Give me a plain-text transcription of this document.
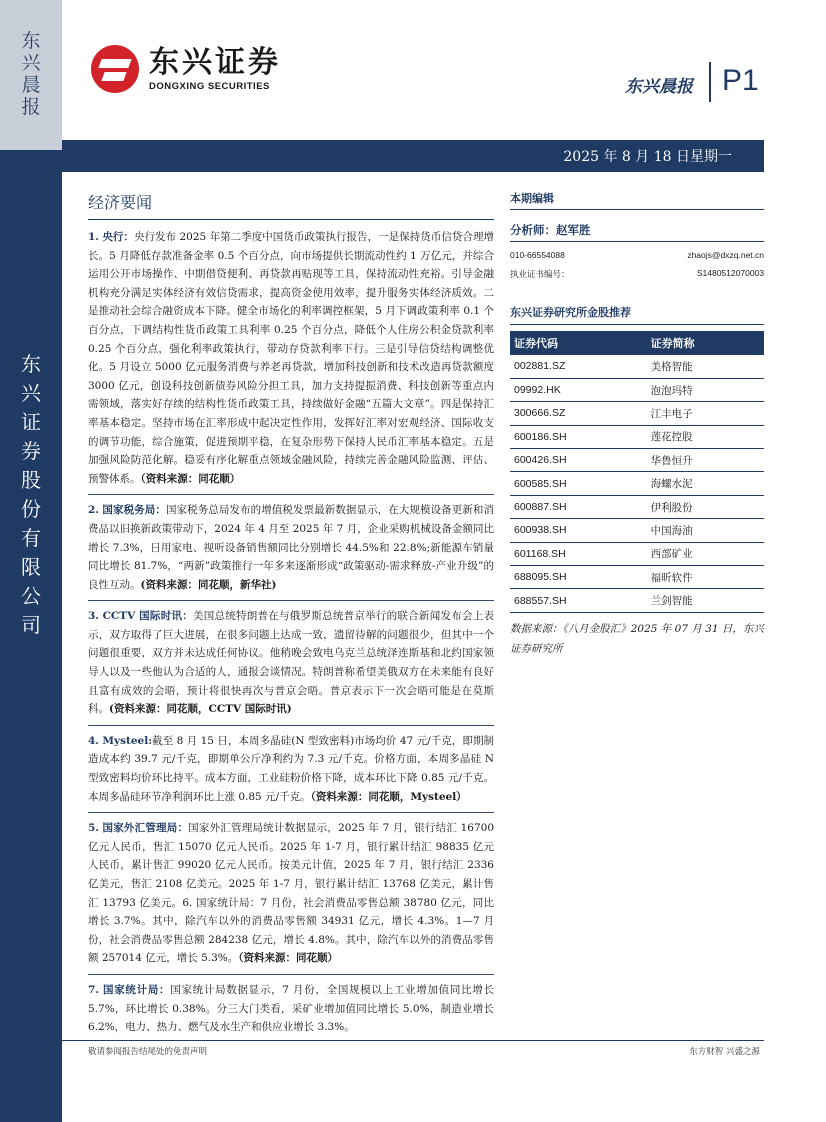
东兴晨报
东兴证券股份有限公司
东兴证券
DONGXING SECURITIES	东兴晨报 P1
2025 年 8 月 18 日星期一
经济要闻
1. 央行：央行发布 2025 年第二季度中国货币政策执行报告，一是保持货币信贷合理增长。5 月降低存款准备金率 0.5 个百分点，向市场提供长期流动性约 1 万亿元，并综合运用公开市场操作、中期借贷便利、再贷款再贴现等工具，保持流动性充裕。引导金融机构充分满足实体经济有效信贷需求，提高资金使用效率，提升服务实体经济质效。二是推动社会综合融资成本下降。健全市场化的利率调控框架，5 月下调政策利率 0.1 个百分点，下调结构性货币政策工具利率 0.25 个百分点，降低个人住房公积金贷款利率 0.25 个百分点，强化利率政策执行，带动存贷款利率下行。三是引导信贷结构调整优化。5 月设立 5000 亿元服务消费与养老再贷款，增加科技创新和技术改造再贷款额度 3000 亿元，创设科技创新债券风险分担工具，加力支持提振消费、科技创新等重点内需领域，落实好存续的结构性货币政策工具，持续做好金融“五篇大文章”。四是保持汇率基本稳定。坚持市场在汇率形成中起决定性作用，发挥好汇率对宏观经济、国际收支的调节功能，综合施策，促进预期平稳，在复杂形势下保持人民币汇率基本稳定。五是加强风险防范化解。稳妥有序化解重点领域金融风险，持续完善金融风险监测、评估、预警体系。（资料来源：同花顺）
2. 国家税务局：国家税务总局发布的增值税发票最新数据显示，在大规模设备更新和消费品以旧换新政策带动下，2024 年 4 月至 2025 年 7 月，企业采购机械设备金额同比增长 7.3%，日用家电、视听设备销售额同比分别增长 44.5%和 22.8%;新能源车销量同比增长 81.7%，“两新”政策推行一年多来逐渐形成“政策驱动-需求释放-产业升级”的良性互动。(资料来源：同花顺，新华社)
3. CCTV 国际时讯：美国总统特朗普在与俄罗斯总统普京举行的联合新闻发布会上表示，双方取得了巨大进展，在很多问题上达成一致，遗留待解的问题很少，但其中一个问题很重要，双方并未达成任何协议。他稍晚会致电乌克兰总统泽连斯基和北约国家领导人以及一些他认为合适的人，通报会谈情况。特朗普称希望美俄双方在未来能有良好且富有成效的会晤，预计将很快再次与普京会晤。普京表示下一次会晤可能是在莫斯科。(资料来源：同花顺，CCTV 国际时讯)
4. Mysteel:截至 8 月 15 日，本周多晶硅(N 型致密料)市场均价 47 元/千克，即期制造成本约 39.7 元/千克，即期单公斤净利约为 7.3 元/千克。价格方面，本周多晶硅 N 型致密料均价环比持平。成本方面，工业硅粉价格下降，成本环比下降 0.85 元/千克。本周多晶硅环节净利润环比上涨 0.85 元/千克。（资料来源：同花顺，Mysteel）
5. 国家外汇管理局：国家外汇管理局统计数据显示，2025 年 7 月，银行结汇 16700 亿元人民币，售汇 15070 亿元人民币。2025 年 1-7 月，银行累计结汇 98835 亿元人民币，累计售汇 99020 亿元人民币。按美元计值，2025 年 7 月，银行结汇 2336 亿美元，售汇 2108 亿美元。2025 年 1-7 月，银行累计结汇 13768 亿美元，累计售汇 13793 亿美元。6. 国家统计局：7 月份，社会消费品零售总额 38780 亿元，同比增长 3.7%。其中，除汽车以外的消费品零售额 34931 亿元，增长 4.3%。1—7 月份，社会消费品零售总额 284238 亿元，增长 4.8%。其中，除汽车以外的消费品零售额 257014 亿元，增长 5.3%。（资料来源：同花顺）
7. 国家统计局：国家统计局数据显示，7 月份，全国规模以上工业增加值同比增长 5.7%，环比增长 0.38%。分三大门类看，采矿业增加值同比增长 5.0%，制造业增长 6.2%，电力、热力、燃气及水生产和供应业增长 3.3%。
本期编辑
分析师：赵军胜
010-66554088	zhaojs@dxzq.net.cn
执业证书编号：	S1480512070003
东兴证券研究所金股推荐
证券代码	证券简称
002881.SZ	美格智能
09992.HK	泡泡玛特
300666.SZ	江丰电子
600186.SH	莲花控股
600426.SH	华鲁恒升
600585.SH	海螺水泥
600887.SH	伊利股份
600938.SH	中国海油
601168.SH	西部矿业
688095.SH	福昕软件
688557.SH	兰剑智能
数据来源：《八月金股汇》2025 年 07 月 31 日，东兴证券研究所
敬请参阅报告结尾处的免责声明	东方财智 兴盛之源
